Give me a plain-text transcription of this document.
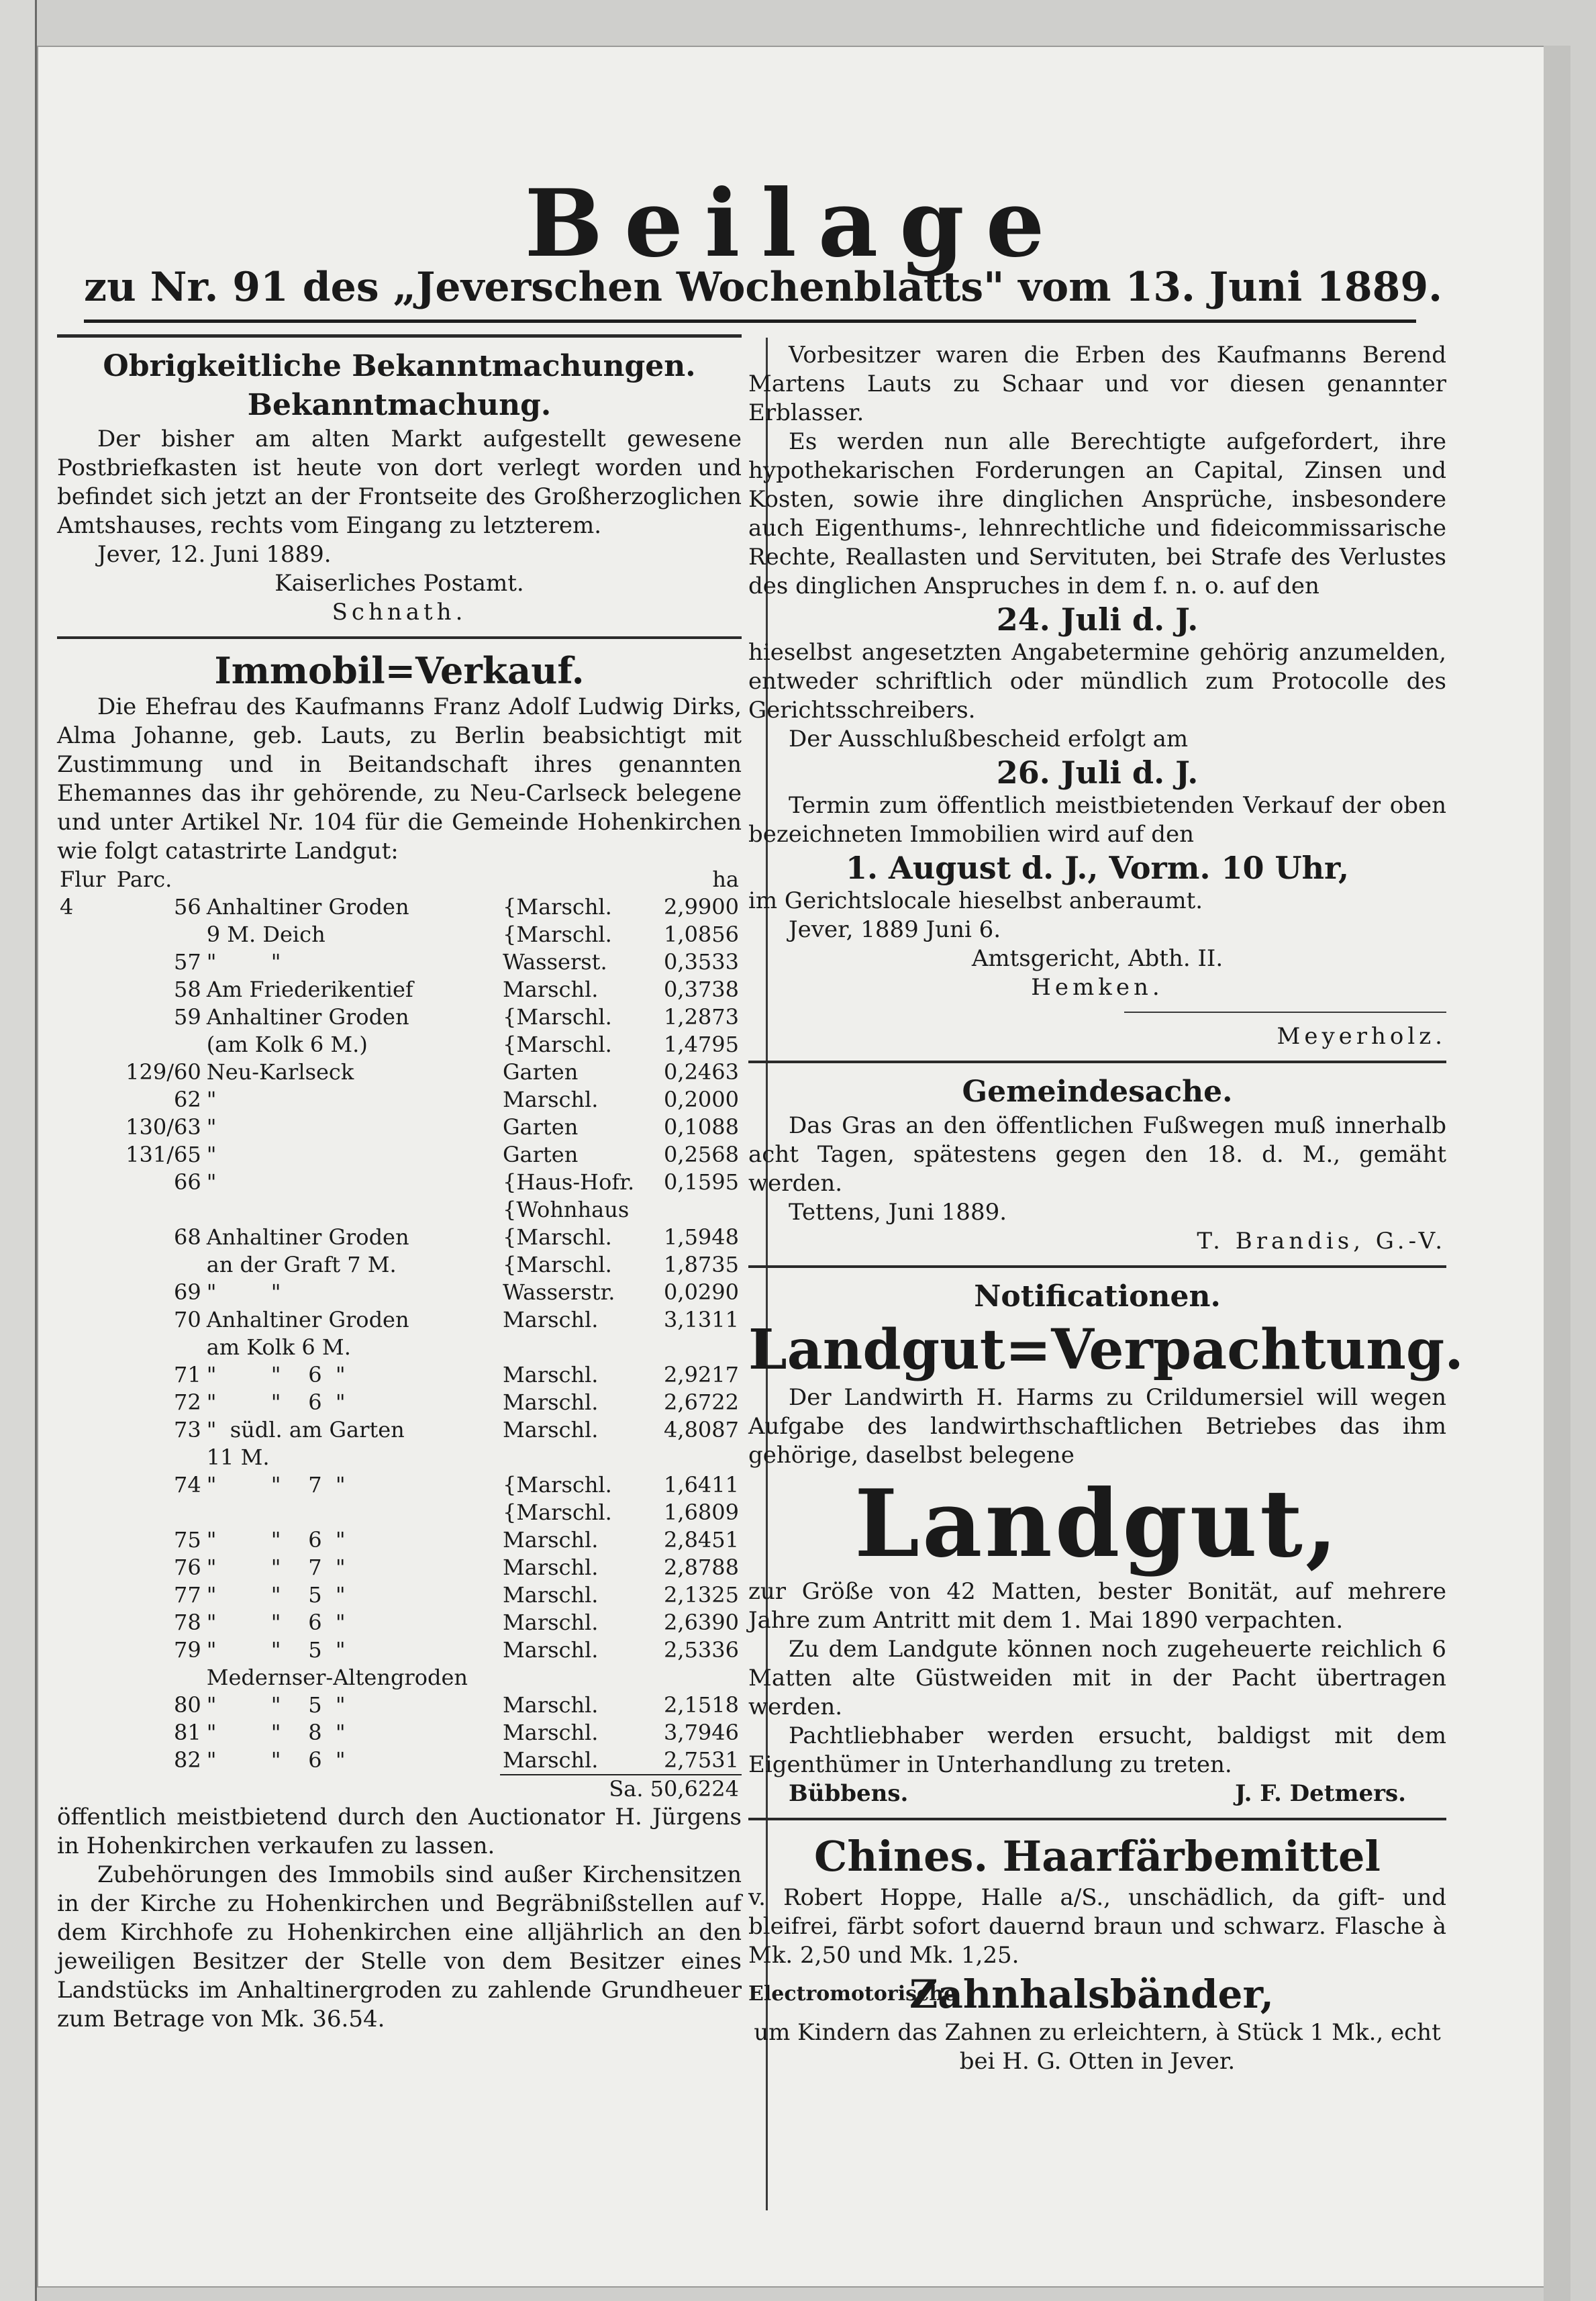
Beilage
zu Nr. 91 des „Jeverschen Wochenblatts" vom 13. Juni 1889.

Obrigkeitliche Bekanntmachungen.

Bekanntmachung.

Der bisher am alten Markt aufgestellt gewesene Postbriefkasten ist heute von dort verlegt worden und befindet sich jetzt an der Frontseite des Großherzoglichen Amtshauses, rechts vom Eingang zu letzterem.

Jever, 12. Juni 1889.

Kaiserliches Postamt.

Schnath.

Immobil=Verkauf.

Die Ehefrau des Kaufmanns Franz Adolf Ludwig Dirks, Alma Johanne, geb. Lauts, zu Berlin beabsichtigt mit Zustimmung und in Beitandschaft ihres genannten Ehemannes das ihr gehörende, zu Neu-Carlseck belegene und unter Artikel Nr. 104 für die Gemeinde Hohenkirchen wie folgt catastrirte Landgut:

Flur	Parc.			ha
4	56	Anhaltiner Groden	{Marschl.	2,9900
		9 M. Deich	{Marschl.	1,0856
	57	"        "	Wasserst.	0,3533
	58	Am Friederikentief	Marschl.	0,3738
	59	Anhaltiner Groden	{Marschl.	1,2873
		(am Kolk 6 M.)	{Marschl.	1,4795
	129/60	Neu-Karlseck	Garten	0,2463
	62	"	Marschl.	0,2000
	130/63	"	Garten	0,1088
	131/65	"	Garten	0,2568
	66	"	{Haus-Hofr.	0,1595
			{Wohnhaus	
	68	Anhaltiner Groden	{Marschl.	1,5948
		an der Graft 7 M.	{Marschl.	1,8735
	69	"        "	Wasserstr.	0,0290
	70	Anhaltiner Groden	Marschl.	3,1311
		am Kolk 6 M.		
	71	"        "    6  "	Marschl.	2,9217
	72	"        "    6  "	Marschl.	2,6722
	73	"  südl. am Garten	Marschl.	4,8087
		11 M.		
	74	"        "    7  "	{Marschl.	1,6411
			{Marschl.	1,6809
	75	"        "    6  "	Marschl.	2,8451
	76	"        "    7  "	Marschl.	2,8788
	77	"        "    5  "	Marschl.	2,1325
	78	"        "    6  "	Marschl.	2,6390
	79	"        "    5  "	Marschl.	2,5336
		Medernser-Altengroden		
	80	"        "    5  "	Marschl.	2,1518
	81	"        "    8  "	Marschl.	3,7946
	82	"        "    6  "	Marschl.	2,7531
			Sa. 50,6224	

öffentlich meistbietend durch den Auctionator H. Jürgens in Hohenkirchen verkaufen zu lassen.

Zubehörungen des Immobils sind außer Kirchensitzen in der Kirche zu Hohenkirchen und Begräbnißstellen auf dem Kirchhofe zu Hohenkirchen eine alljährlich an den jeweiligen Besitzer der Stelle von dem Besitzer eines Landstücks im Anhaltinergroden zu zahlende Grundheuer zum Betrage von Mk. 36.54.

Vorbesitzer waren die Erben des Kaufmanns Berend Martens Lauts zu Schaar und vor diesen genannter Erblasser.

Es werden nun alle Berechtigte aufgefordert, ihre hypothekarischen Forderungen an Capital, Zinsen und Kosten, sowie ihre dinglichen Ansprüche, insbesondere auch Eigenthums-, lehnrechtliche und fideicommissarische Rechte, Reallasten und Servituten, bei Strafe des Verlustes des dinglichen Anspruches in dem f. n. o. auf den

24. Juli d. J.

hieselbst angesetzten Angabetermine gehörig anzumelden, entweder schriftlich oder mündlich zum Protocolle des Gerichtsschreibers.

Der Ausschlußbescheid erfolgt am

26. Juli d. J.

Termin zum öffentlich meistbietenden Verkauf der oben bezeichneten Immobilien wird auf den

1. August d. J., Vorm. 10 Uhr,

im Gerichtslocale hieselbst anberaumt.

Jever, 1889 Juni 6.

Amtsgericht, Abth. II.

Hemken.

Meyerholz.

Gemeindesache.

Das Gras an den öffentlichen Fußwegen muß innerhalb acht Tagen, spätestens gegen den 18. d. M., gemäht werden.

Tettens, Juni 1889.

T. Brandis, G.-V.

Notificationen.

Landgut=Verpachtung.

Der Landwirth H. Harms zu Crildumersiel will wegen Aufgabe des landwirthschaftlichen Betriebes das ihm gehörige, daselbst belegene

Landgut,

zur Größe von 42 Matten, bester Bonität, auf mehrere Jahre zum Antritt mit dem 1. Mai 1890 verpachten.

Zu dem Landgute können noch zugeheuerte reichlich 6 Matten alte Güstweiden mit in der Pacht übertragen werden.

Pachtliebhaber werden ersucht, baldigst mit dem Eigenthümer in Unterhandlung zu treten.

Bübbens.	J. F. Detmers.

Chines. Haarfärbemittel

v. Robert Hoppe, Halle a/S., unschädlich, da gift- und bleifrei, färbt sofort dauernd braun und schwarz. Flasche à Mk. 2,50 und Mk. 1,25.

Electromotorische
Zahnhalsbänder,

um Kindern das Zahnen zu erleichtern, à Stück 1 Mk., echt bei H. G. Otten in Jever.
